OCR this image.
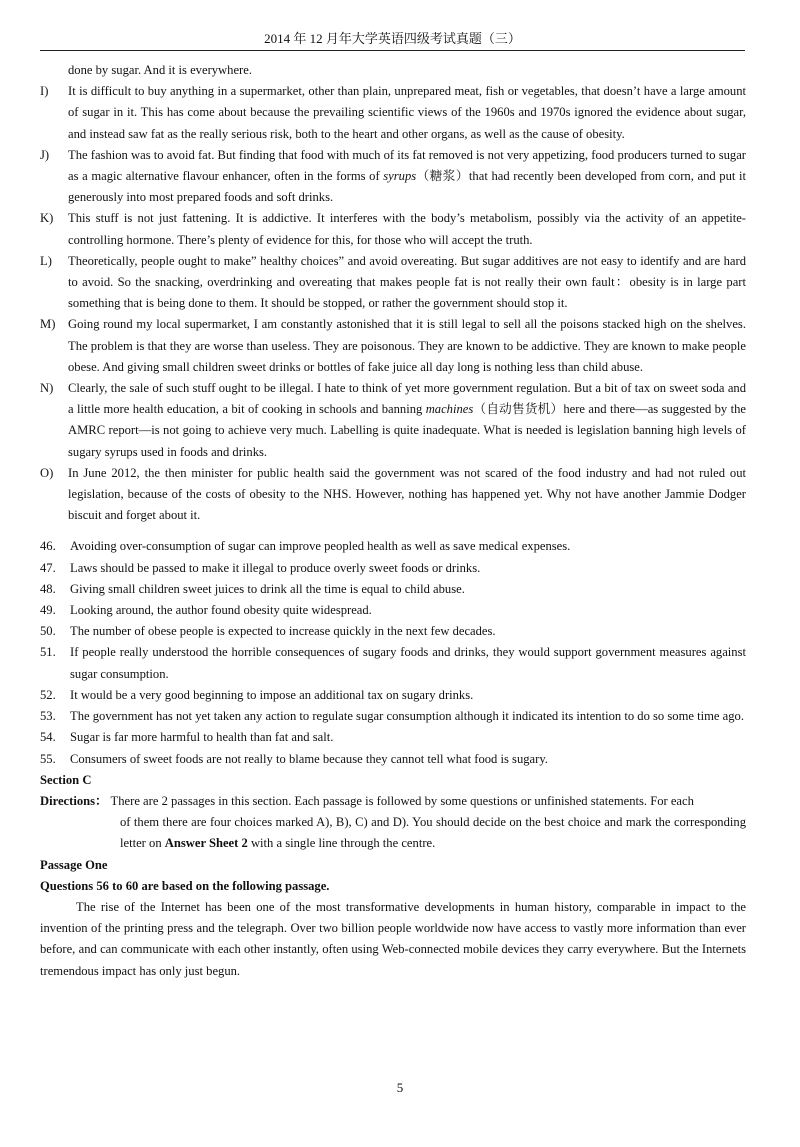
2014 年 12 月年大学英语四级考试真题（三）

done by sugar. And it is everywhere.

I)	It is difficult to buy anything in a supermarket, other than plain, unprepared meat, fish or vegetables, that doesn’t have a large amount of sugar in it. This has come about because the prevailing scientific views of the 1960s and 1970s ignored the evidence about sugar, and instead saw fat as the really serious risk, both to the heart and other organs, as well as the cause of obesity.
J)	The fashion was to avoid fat. But finding that food with much of its fat removed is not very appetizing, food producers turned to sugar as a magic alternative flavour enhancer, often in the forms of syrups（糖浆）that had recently been developed from corn, and put it generously into most prepared foods and soft drinks.
K)	This stuff is not just fattening. It is addictive. It interferes with the body’s metabolism, possibly via the activity of an appetite-controlling hormone. There’s plenty of evidence for this, for those who will accept the truth.
L)	Theoretically, people ought to make” healthy choices” and avoid overeating. But sugar additives are not easy to identify and are hard to avoid. So the snacking, overdrinking and overeating that makes people fat is not really their own fault：obesity is in large part something that is being done to them. It should be stopped, or rather the government should stop it.
M) Going round my local supermarket, I am constantly astonished that it is still legal to sell all the poisons stacked high on the shelves. The problem is that they are worse than useless. They are poisonous. They are known to be addictive. They are known to make people obese. And giving small children sweet drinks or bottles of fake juice all day long is nothing less than child abuse.
N)	Clearly, the sale of such stuff ought to be illegal. I hate to think of yet more government regulation. But a bit of tax on sweet soda and a little more health education, a bit of cooking in schools and banning machines（自动售货机）here and there—as suggested by the AMRC report—is not going to achieve very much. Labelling is quite inadequate. What is needed is legislation banning high levels of sugary syrups used in foods and drinks.
O)	In June 2012, the then minister for public health said the government was not scared of the food industry and had not ruled out legislation, because of the costs of obesity to the NHS. However, nothing has happened yet. Why not have another Jammie Dodger biscuit and forget about it.
46.	Avoiding over-consumption of sugar can improve peopled health as well as save medical expenses.
47.	Laws should be passed to make it illegal to produce overly sweet foods or drinks.
48.	Giving small children sweet juices to drink all the time is equal to child abuse.
49.	Looking around, the author found obesity quite widespread.
50.	The number of obese people is expected to increase quickly in the next few decades.
51.	If people really understood the horrible consequences of sugary foods and drinks, they would support government measures against sugar consumption.
52.	It would be a very good beginning to impose an additional tax on sugary drinks.
53.	The government has not yet taken any action to regulate sugar consumption although it indicated its intention to do so some time ago.
54.	Sugar is far more harmful to health than fat and salt.
55.	Consumers of sweet foods are not really to blame because they cannot tell what food is sugary.

Section C

Directions： There are 2 passages in this section. Each passage is followed by some questions or unfinished statements. For each

of them there are four choices marked A), B), C) and D). You should decide on the best choice and mark the corresponding letter on Answer Sheet 2 with a single line through the centre.

Passage One

Questions 56 to 60 are based on the following passage.

The rise of the Internet has been one of the most transformative developments in human history, comparable in impact to the invention of the printing press and the telegraph. Over two billion people worldwide now have access to vastly more information than ever before, and can communicate with each other instantly, often using Web-connected mobile devices they carry everywhere. But the Internets tremendous impact has only just begun.

5
